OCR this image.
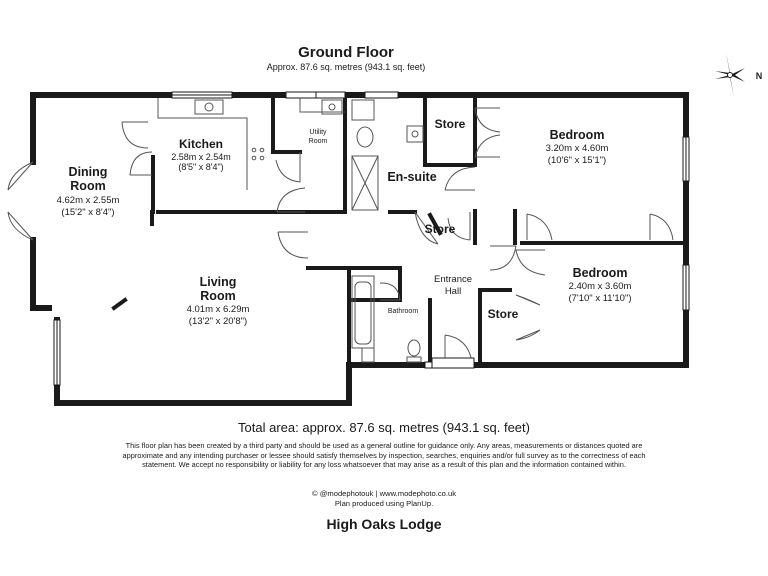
Ground Floor
Approx. 87.6 sq. metres (943.1 sq. feet)
N
Dining
Room
4.62m x 2.55m
(15'2" x 8'4")
Kitchen
2.58m x 2.54m
(8'5" x 8'4")
Utility
Room
Store
Bedroom
3.20m x 4.60m
(10'6" x 15'1")
En-suite
Store
Entrance
Hall
Living
Room
4.01m x 6.29m
(13'2" x 20'8")
Bathroom
Bedroom
2.40m x 3.60m
(7'10" x 11'10")
Store
Total area: approx. 87.6 sq. metres (943.1 sq. feet)
This floor plan has been created by a third party and should be used as a general outline for guidance only. Any areas, measurements or distances quoted are approximate and any intending purchaser or lessee should satisfy themselves by inspection, searches, enquiries and/or full survey as to the correctness of each statement. We accept no responsibility or liability for any loss whatsoever that may arise as a result of this plan and the information contained within.
© @modephotouk | www.modephoto.co.uk
Plan produced using PlanUp.
High Oaks Lodge
